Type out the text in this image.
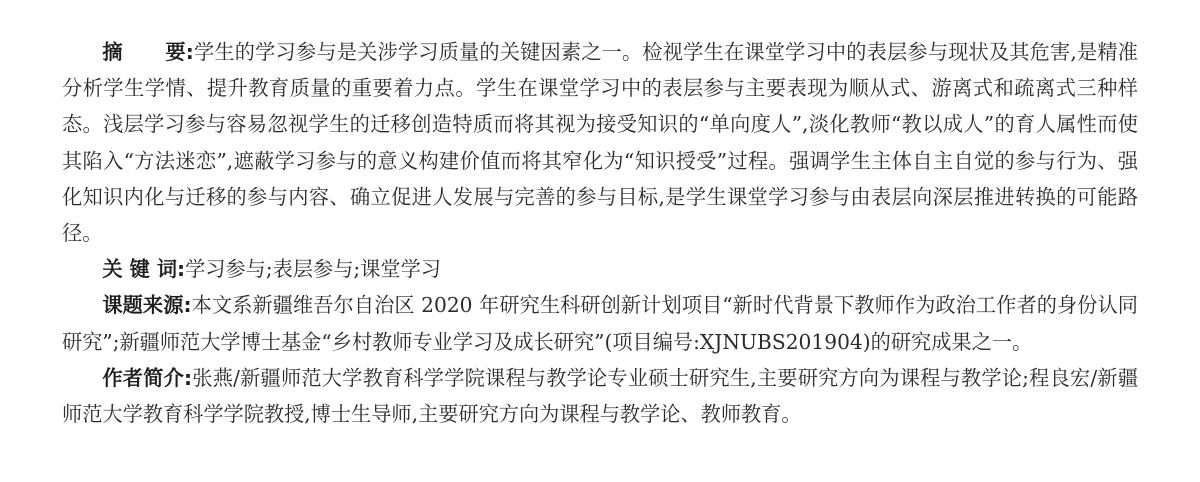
摘 要:学生的学习参与是关涉学习质量的关键因素之一。检视学生在课堂学习中的表层参与现状及其危害,是精准分析学生学情、提升教育质量的重要着力点。学生在课堂学习中的表层参与主要表现为顺从式、游离式和疏离式三种样态。浅层学习参与容易忽视学生的迁移创造特质而将其视为接受知识的“单向度人”,淡化教师“教以成人”的育人属性而使其陷入“方法迷恋”,遮蔽学习参与的意义构建价值而将其窄化为“知识授受”过程。强调学生主体自主自觉的参与行为、强化知识内化与迁移的参与内容、确立促进人发展与完善的参与目标,是学生课堂学习参与由表层向深层推进转换的可能路径。

关 键 词:学习参与;表层参与;课堂学习

课题来源:本文系新疆维吾尔自治区 2020 年研究生科研创新计划项目“新时代背景下教师作为政治工作者的身份认同研究”;新疆师范大学博士基金“乡村教师专业学习及成长研究”(项目编号:XJNUBS201904)的研究成果之一。

作者简介:张燕/新疆师范大学教育科学学院课程与教学论专业硕士研究生,主要研究方向为课程与教学论;程良宏/新疆师范大学教育科学学院教授,博士生导师,主要研究方向为课程与教学论、教师教育。
